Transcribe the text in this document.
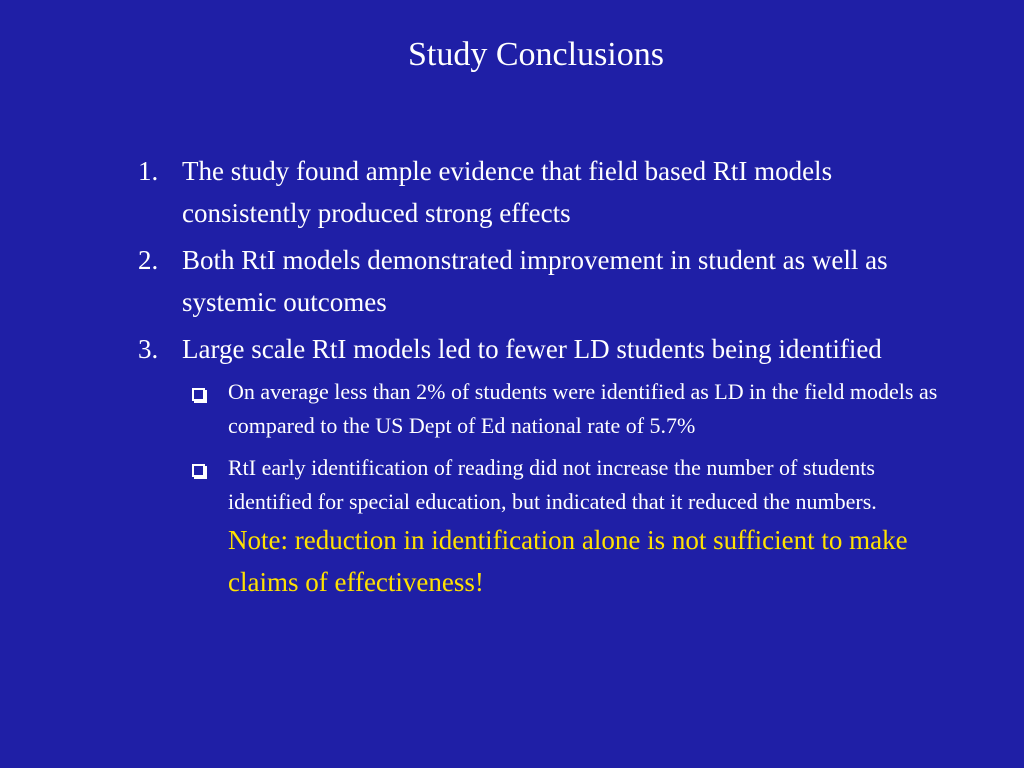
Study Conclusions
1. The study found ample evidence that field based RtI models consistently produced strong effects
2. Both RtI models demonstrated improvement in student as well as systemic outcomes
3. Large scale RtI models led to fewer LD students being identified
On average less than 2% of students were identified as LD in the field models as compared to the US Dept of Ed national rate of 5.7%
RtI early identification of reading did not increase the number of students identified for special education, but indicated that it reduced the numbers. Note: reduction in identification alone is not sufficient to make claims of effectiveness!
